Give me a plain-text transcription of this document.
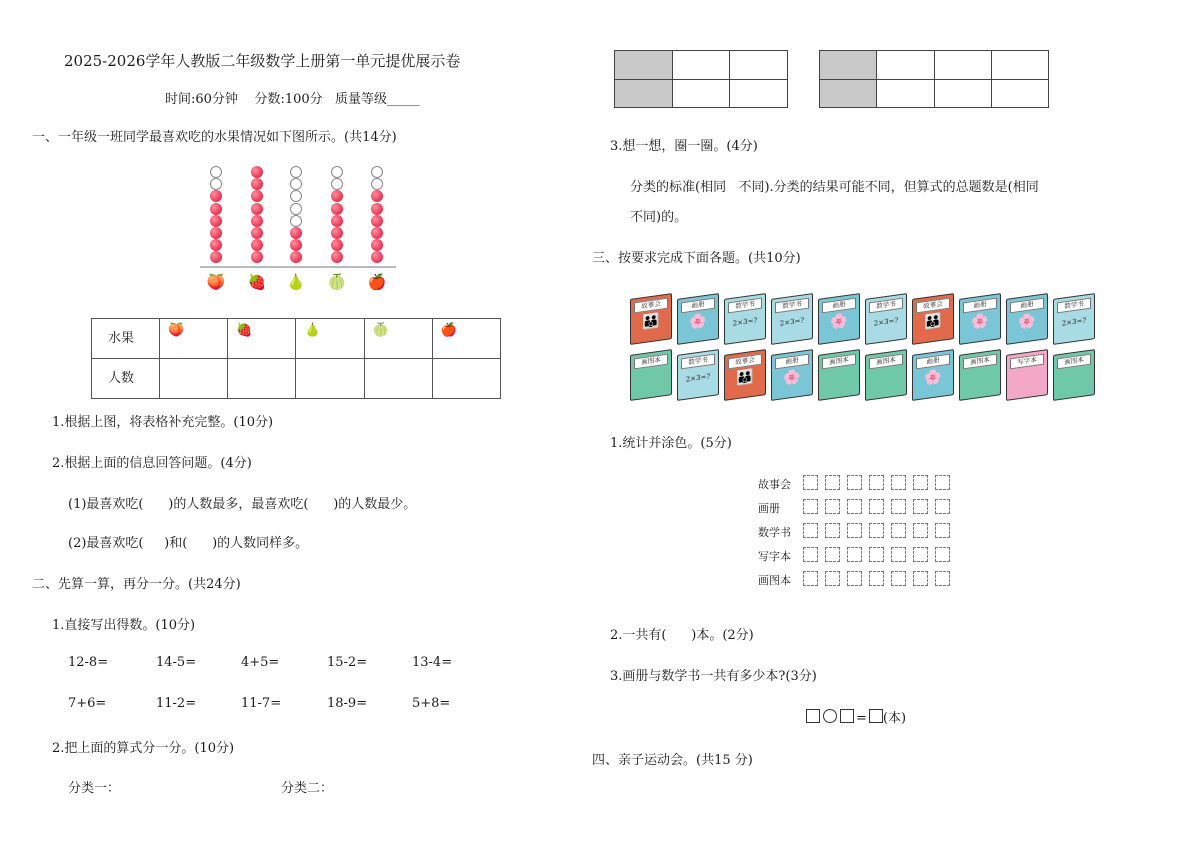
2025-2026学年人教版二年级数学上册第一单元提优展示卷
时间:60分钟    分数:100分   质量等级_____
一、一年级一班同学最喜欢吃的水果情况如下图所示。(共14分)
🍑 🍓 🍐 🍈 🍎
水果	🍑	🍓	🍐	🍈	🍎
人数					
1.根据上图，将表格补充完整。(10分)
2.根据上面的信息回答问题。(4分)
(1)最喜欢吃(      )的人数最多，最喜欢吃(      )的人数最少。
(2)最喜欢吃(     )和(      )的人数同样多。
二、先算一算，再分一分。(共24分)
1.直接写出得数。(10分)
12-8=	14-5=	4+5=	15-2=	13-4=
7+6=	11-2=	11-7=	18-9=	5+8=
2.把上面的算式分一分。(10分)
分类一：	分类二：

3.想一想，圈一圈。(4分)
分类的标准(相同   不同).分类的结果可能不同，但算式的总题数是(相同
不同)的。
三、按要求完成下面各题。(共10分)
故事会
👪
画册
🌸
数学书
2×3=?
数学书
2×3=?
画册
🌸
数学书
2×3=?
故事会
👪
画册
🌸
画册
🌸
数学书
2×3=?
画图本	数学书
2×3=?
故事会
👪
画册
🌸
画图本	画图本	画册
🌸
画图本	写字本	画图本
1.统计并涂色。(5分)
故事会
画册
数学书
写字本
画图本
2.一共有(      )本。(2分)
3.画册与数学书一共有多少本?(3分)
= (本)
四、亲子运动会。(共15 分)
